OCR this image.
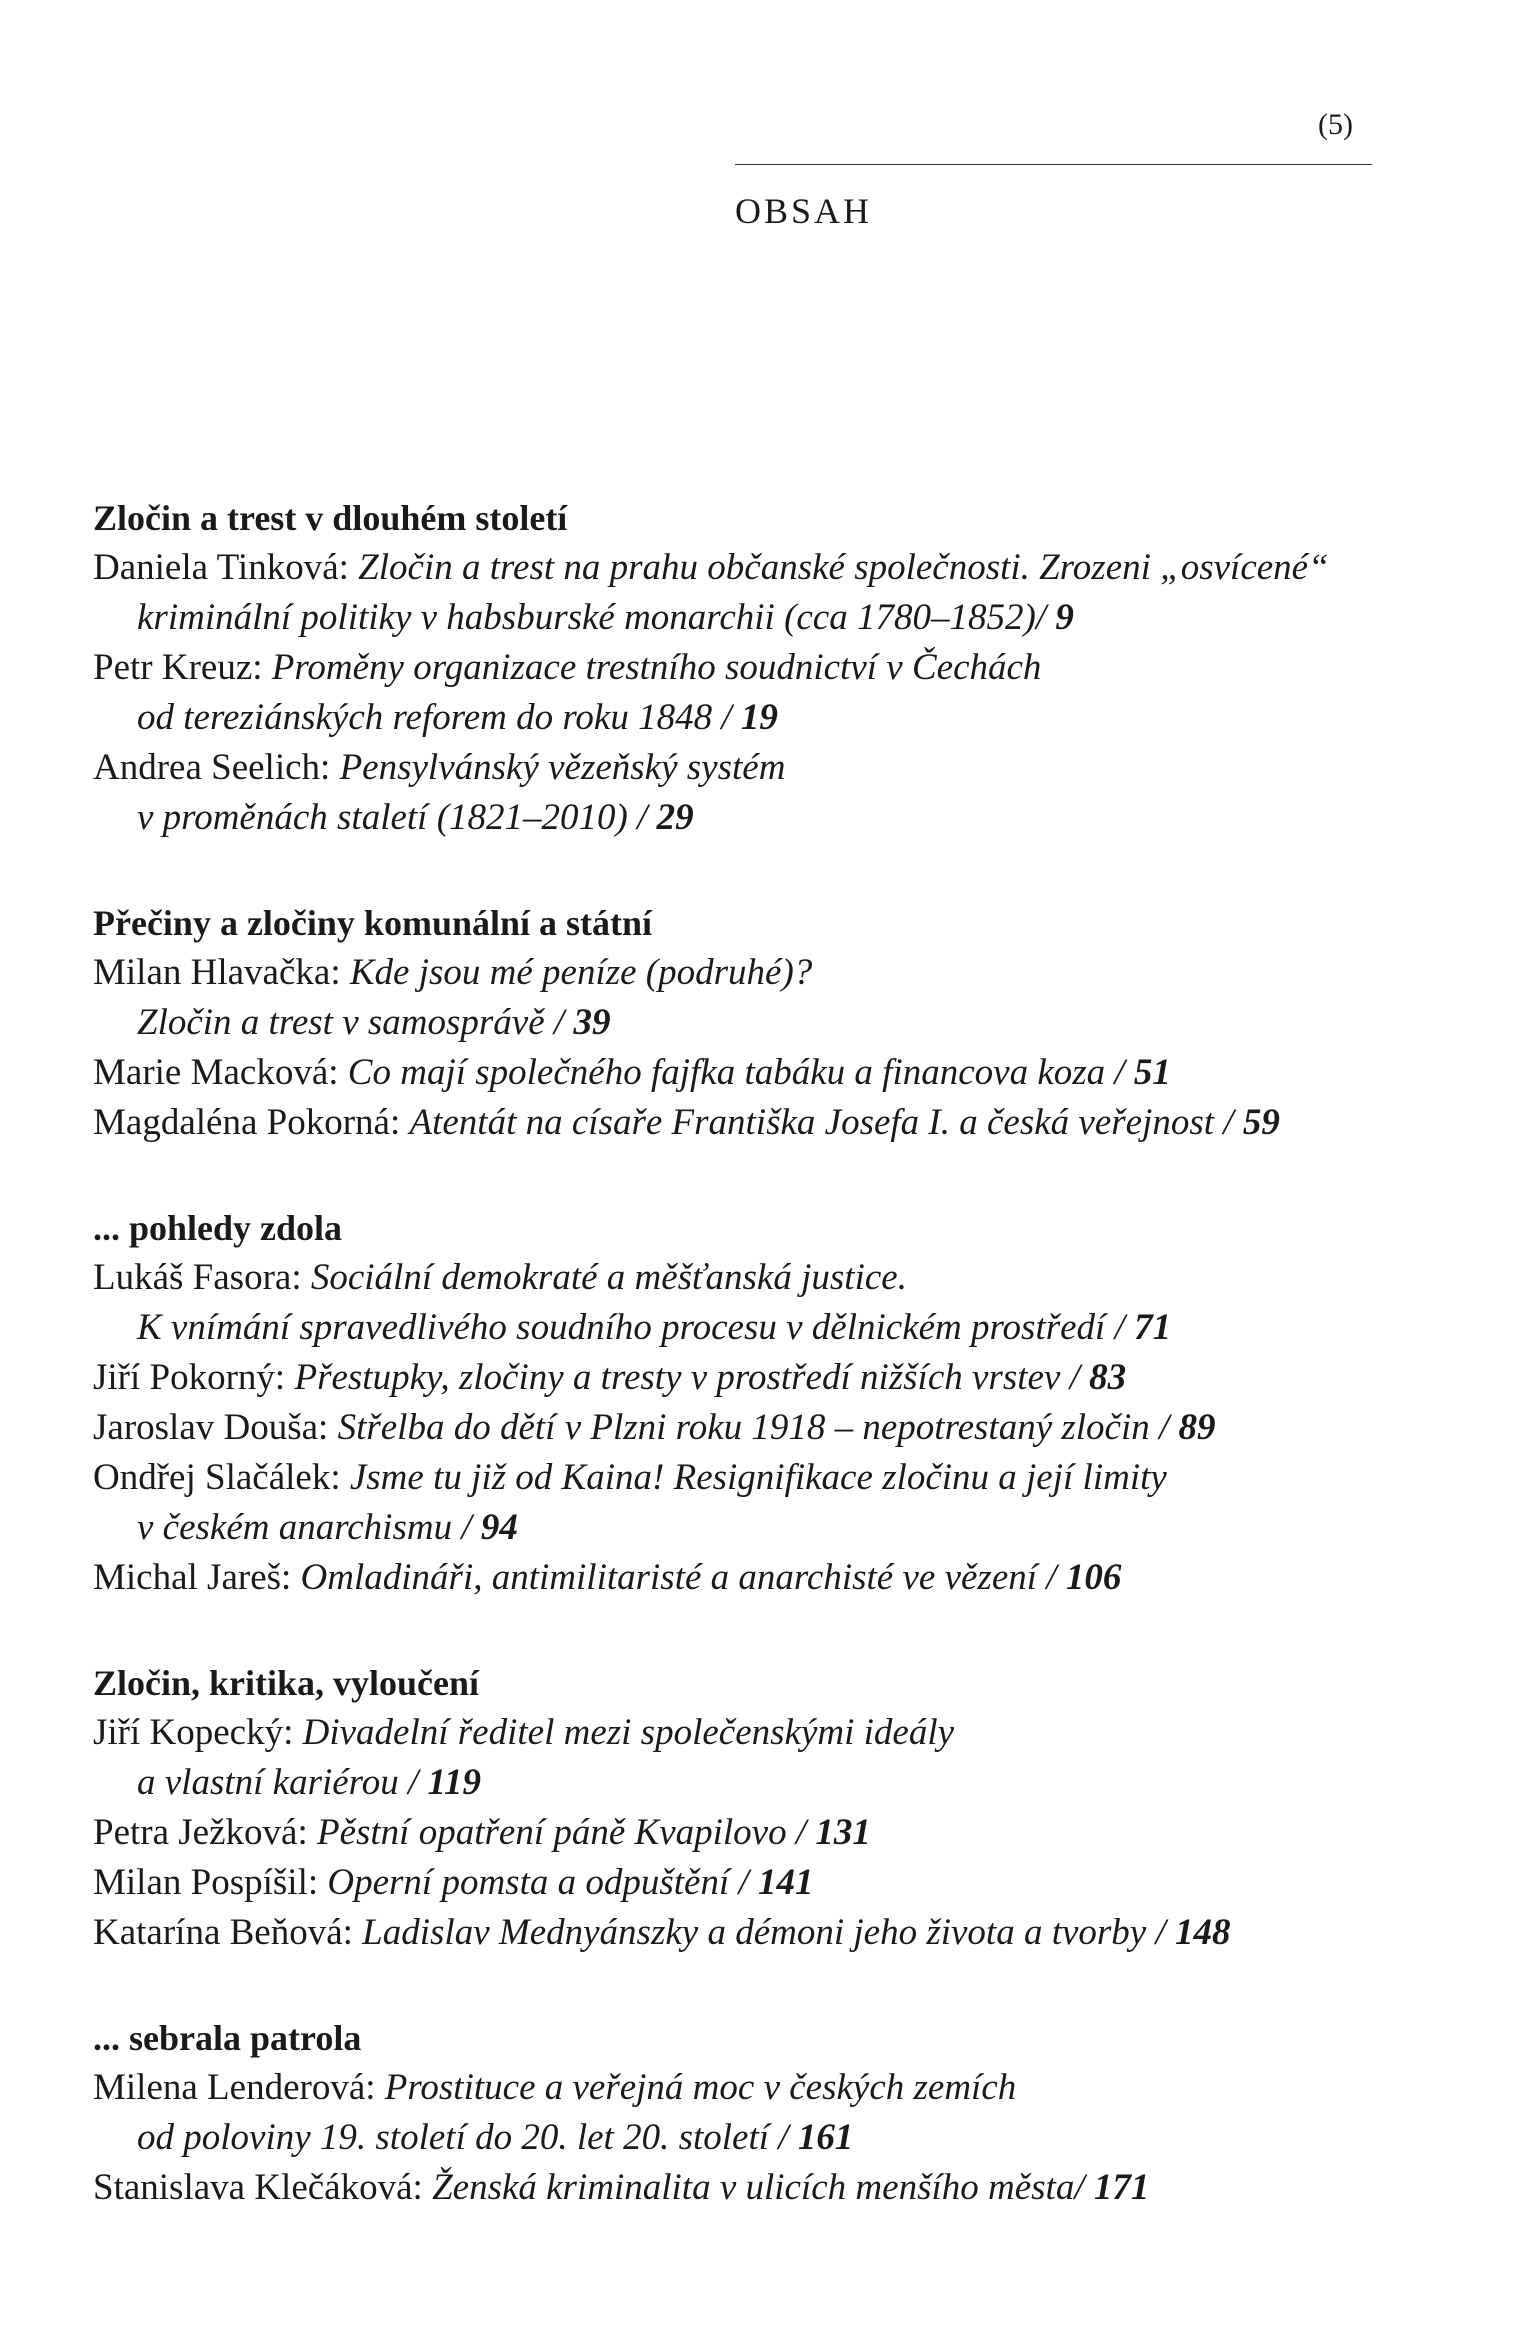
(5)
OBSAH
Zločin a trest v dlouhém století
Daniela Tinková: Zločin a trest na prahu občanské společnosti. Zrozeni „osvícené“
kriminální politiky v habsburské monarchii (cca 1780–1852)/ 9
Petr Kreuz: Proměny organizace trestního soudnictví v Čechách
od tereziánských reforem do roku 1848 / 19
Andrea Seelich: Pensylvánský vězeňský systém
v proměnách staletí (1821–2010) / 29
Přečiny a zločiny komunální a státní
Milan Hlavačka: Kde jsou mé peníze (podruhé)?
Zločin a trest v samosprávě / 39
Marie Macková: Co mají společného fajfka tabáku a financova koza / 51
Magdaléna Pokorná: Atentát na císaře Františka Josefa I. a česká veřejnost / 59
... pohledy zdola
Lukáš Fasora: Sociální demokraté a měšťanská justice.
K vnímání spravedlivého soudního procesu v dělnickém prostředí / 71
Jiří Pokorný: Přestupky, zločiny a tresty v prostředí nižších vrstev / 83
Jaroslav Douša: Střelba do dětí v Plzni roku 1918 – nepotrestaný zločin / 89
Ondřej Slačálek: Jsme tu již od Kaina! Resignifikace zločinu a její limity
v českém anarchismu / 94
Michal Jareš: Omladináři, antimilitaristé a anarchisté ve vězení / 106
Zločin, kritika, vyloučení
Jiří Kopecký: Divadelní ředitel mezi společenskými ideály
a vlastní kariérou / 119
Petra Ježková: Pěstní opatření páně Kvapilovo / 131
Milan Pospíšil: Operní pomsta a odpuštění / 141
Katarína Beňová: Ladislav Mednyánszky a démoni jeho života a tvorby / 148
... sebrala patrola
Milena Lenderová: Prostituce a veřejná moc v českých zemích
od poloviny 19. století do 20. let 20. století / 161
Stanislava Klečáková: Ženská kriminalita v ulicích menšího města/ 171
